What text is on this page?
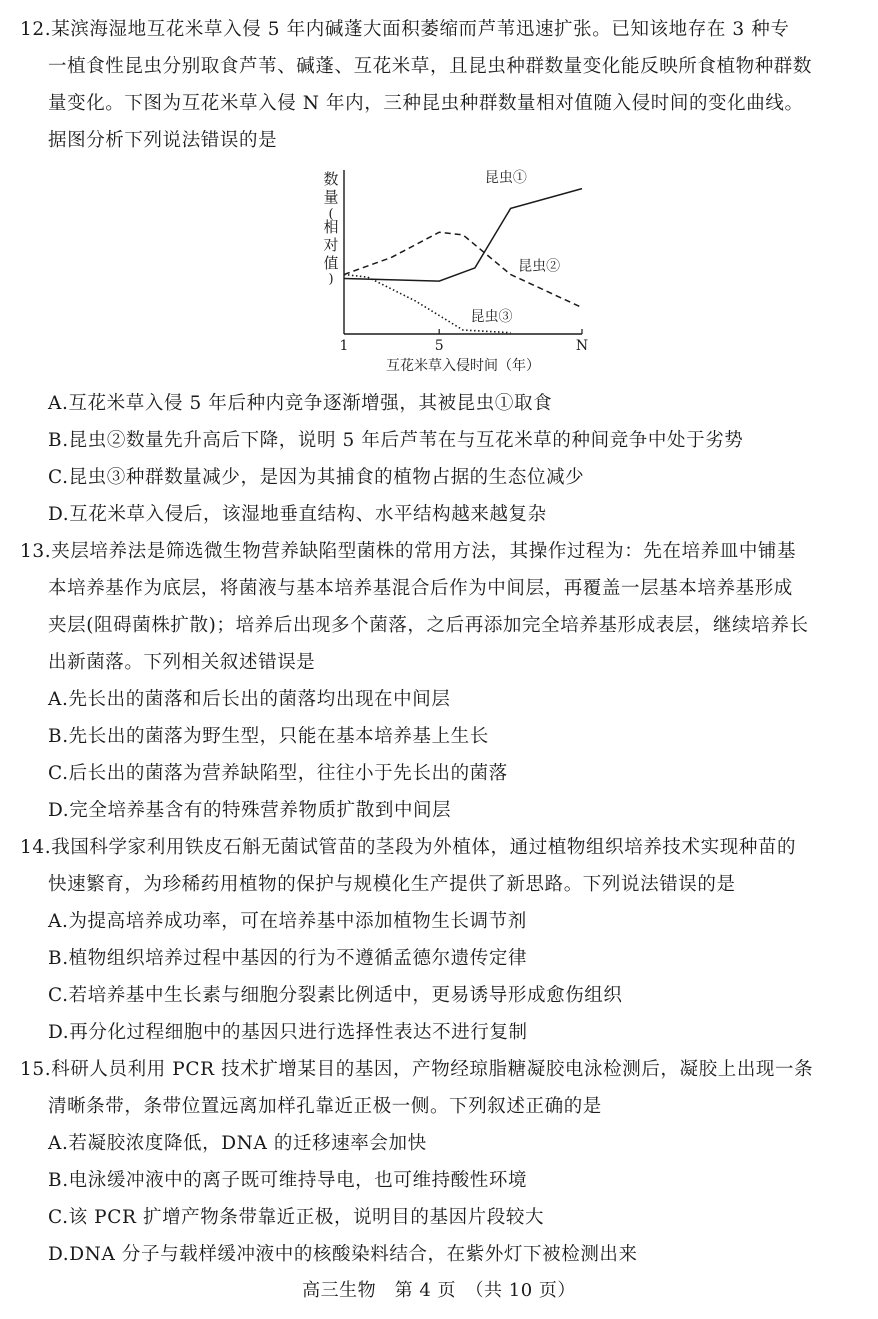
12.某滨海湿地互花米草入侵 5 年内碱蓬大面积萎缩而芦苇迅速扩张。已知该地存在 3 种专
一植食性昆虫分别取食芦苇、碱蓬、互花米草，且昆虫种群数量变化能反映所食植物种群数
量变化。下图为互花米草入侵 N 年内，三种昆虫种群数量相对值随入侵时间的变化曲线。
据图分析下列说法错误的是
数
量
(
相
对
值
)
1	5	N
昆虫①
昆虫②
昆虫③
互花米草入侵时间（年）
A.互花米草入侵 5 年后种内竞争逐渐增强，其被昆虫①取食
B.昆虫②数量先升高后下降，说明 5 年后芦苇在与互花米草的种间竞争中处于劣势
C.昆虫③种群数量减少，是因为其捕食的植物占据的生态位减少
D.互花米草入侵后，该湿地垂直结构、水平结构越来越复杂
13.夹层培养法是筛选微生物营养缺陷型菌株的常用方法，其操作过程为：先在培养皿中铺基
本培养基作为底层，将菌液与基本培养基混合后作为中间层，再覆盖一层基本培养基形成
夹层(阻碍菌株扩散)；培养后出现多个菌落，之后再添加完全培养基形成表层，继续培养长
出新菌落。下列相关叙述错误是
A.先长出的菌落和后长出的菌落均出现在中间层
B.先长出的菌落为野生型，只能在基本培养基上生长
C.后长出的菌落为营养缺陷型，往往小于先长出的菌落
D.完全培养基含有的特殊营养物质扩散到中间层
14.我国科学家利用铁皮石斛无菌试管苗的茎段为外植体，通过植物组织培养技术实现种苗的
快速繁育，为珍稀药用植物的保护与规模化生产提供了新思路。下列说法错误的是
A.为提高培养成功率，可在培养基中添加植物生长调节剂
B.植物组织培养过程中基因的行为不遵循孟德尔遗传定律
C.若培养基中生长素与细胞分裂素比例适中，更易诱导形成愈伤组织
D.再分化过程细胞中的基因只进行选择性表达不进行复制
15.科研人员利用 PCR 技术扩增某目的基因，产物经琼脂糖凝胶电泳检测后，凝胶上出现一条
清晰条带，条带位置远离加样孔靠近正极一侧。下列叙述正确的是
A.若凝胶浓度降低，DNA 的迁移速率会加快
B.电泳缓冲液中的离子既可维持导电，也可维持酸性环境
C.该 PCR 扩增产物条带靠近正极，说明目的基因片段较大
D.DNA 分子与载样缓冲液中的核酸染料结合，在紫外灯下被检测出来
高三生物　第 4 页　（共 10 页）
